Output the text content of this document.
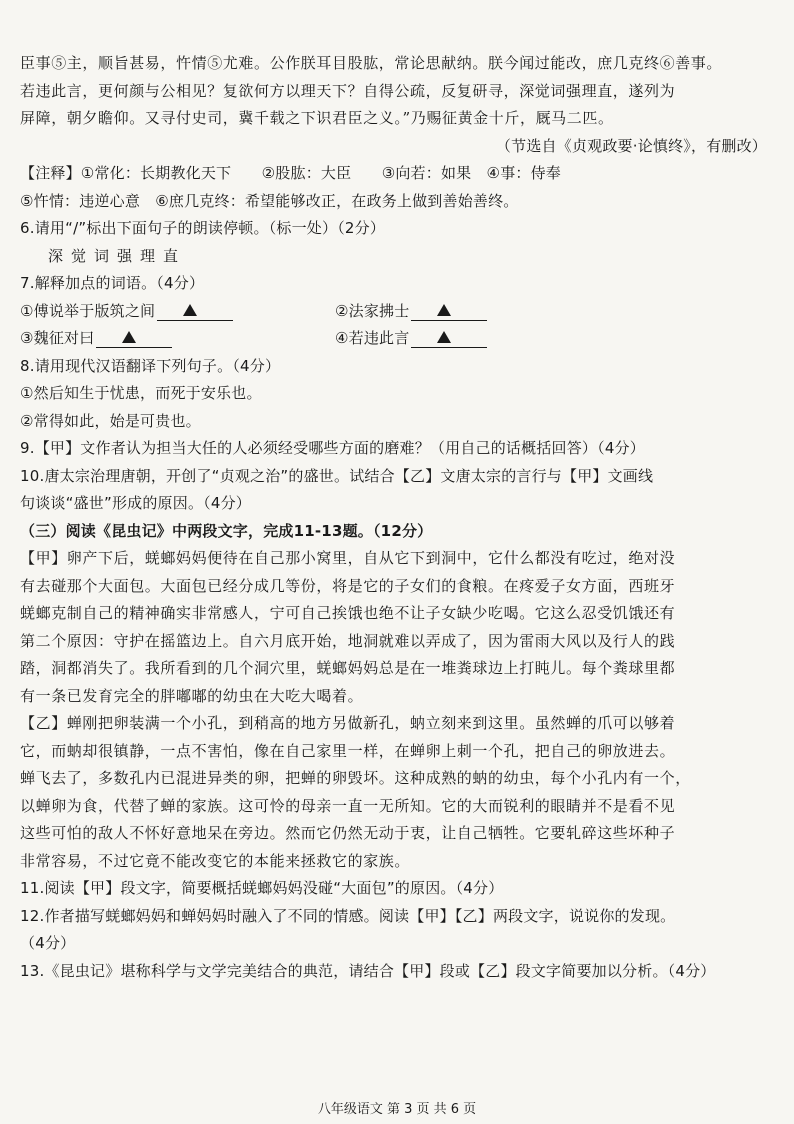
臣事⑤主，顺旨甚易，忤情⑤尤难。公作朕耳目股肱，常论思献纳。朕今闻过能改，庶几克终⑥善事。

若违此言，更何颜与公相见？复欲何方以理天下？自得公疏，反复研寻，深觉词强理直，遂列为

屏障，朝夕瞻仰。又寻付史司，冀千载之下识君臣之义。”乃赐征黄金十斤，厩马二匹。

（节选自《贞观政要·论慎终》，有删改）

【注释】①常化：长期教化天下　　②股肱：大臣　　③向若：如果　④事：侍奉

⑤忤情：违逆心意　⑥庶几克终：希望能够改正，在政务上做到善始善终。

6.请用“/”标出下面句子的朗读停顿。（标一处）（2分）

深觉词强理直

7.解释加点的词语。（4分）

①傅说举于版筑之间	②法家拂士
③魏征对曰	④若违此言

8.请用现代汉语翻译下列句子。（4分）

①然后知生于忧患，而死于安乐也。

②常得如此，始是可贵也。

9.【甲】文作者认为担当大任的人必须经受哪些方面的磨难？（用自己的话概括回答）（4分）

10.唐太宗治理唐朝，开创了“贞观之治”的盛世。试结合【乙】文唐太宗的言行与【甲】文画线

句谈谈“盛世”形成的原因。（4分）

（三）阅读《昆虫记》中两段文字，完成11-13题。（12分）

【甲】卵产下后，蜣螂妈妈便待在自己那小窝里，自从它下到洞中，它什么都没有吃过，绝对没

有去碰那个大面包。大面包已经分成几等份，将是它的子女们的食粮。在疼爱子女方面，西班牙

蜣螂克制自己的精神确实非常感人，宁可自己挨饿也绝不让子女缺少吃喝。它这么忍受饥饿还有

第二个原因：守护在摇篮边上。自六月底开始，地洞就难以弄成了，因为雷雨大风以及行人的践

踏，洞都消失了。我所看到的几个洞穴里，蜣螂妈妈总是在一堆粪球边上打盹儿。每个粪球里都

有一条已发育完全的胖嘟嘟的幼虫在大吃大喝着。

【乙】蝉刚把卵装满一个小孔，到稍高的地方另做新孔，蚋立刻来到这里。虽然蝉的爪可以够着

它，而蚋却很镇静，一点不害怕，像在自己家里一样，在蝉卵上刺一个孔，把自己的卵放进去。

蝉飞去了，多数孔内已混进异类的卵，把蝉的卵毁坏。这种成熟的蚋的幼虫，每个小孔内有一个，

以蝉卵为食，代替了蝉的家族。这可怜的母亲一直一无所知。它的大而锐利的眼睛并不是看不见

这些可怕的敌人不怀好意地呆在旁边。然而它仍然无动于衷，让自己牺牲。它要轧碎这些坏种子

非常容易，不过它竟不能改变它的本能来拯救它的家族。

11.阅读【甲】段文字，简要概括蜣螂妈妈没碰“大面包”的原因。（4分）

12.作者描写蜣螂妈妈和蝉妈妈时融入了不同的情感。阅读【甲】【乙】两段文字，说说你的发现。

（4分）

13.《昆虫记》堪称科学与文学完美结合的典范，请结合【甲】段或【乙】段文字简要加以分析。（4分）

八年级语文 第 3 页 共 6 页
